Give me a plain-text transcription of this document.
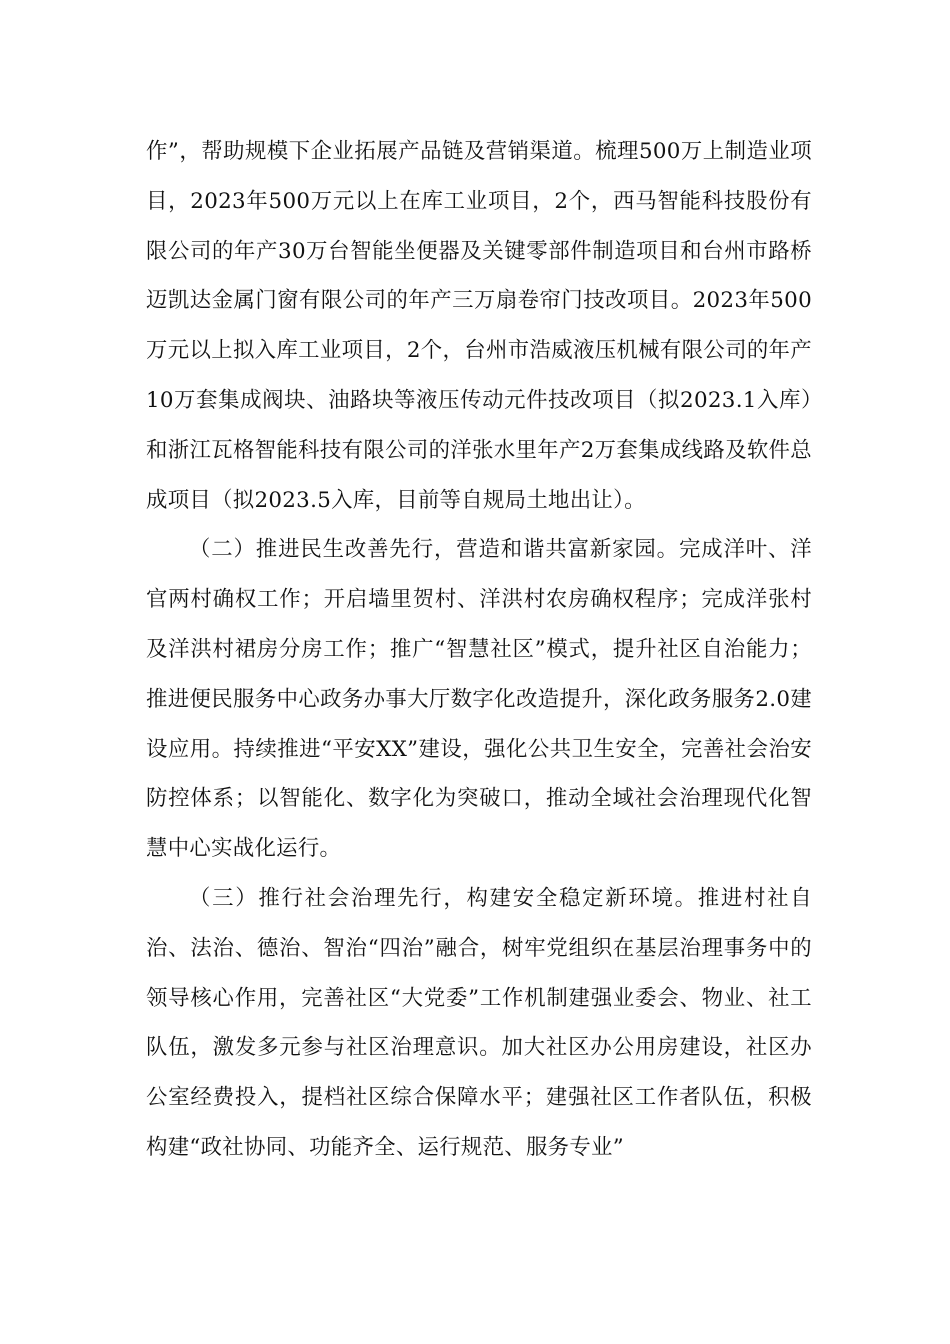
作”，帮助规模下企业拓展产品链及营销渠道。梳理500万上制造业项目，2023年500万元以上在库工业项目，2个，西马智能科技股份有限公司的年产30万台智能坐便器及关键零部件制造项目和台州市路桥迈凯达金属门窗有限公司的年产三万扇卷帘门技改项目。2023年500万元以上拟入库工业项目，2个，台州市浩威液压机械有限公司的年产10万套集成阀块、油路块等液压传动元件技改项目（拟2023.1入库）和浙江瓦格智能科技有限公司的洋张水里年产2万套集成线路及软件总成项目（拟2023.5入库，目前等自规局土地出让）。

（二）推进民生改善先行，营造和谐共富新家园。完成洋叶、洋官两村确权工作；开启墙里贺村、洋洪村农房确权程序；完成洋张村及洋洪村裙房分房工作；推广“智慧社区”模式，提升社区自治能力；推进便民服务中心政务办事大厅数字化改造提升，深化政务服务2.0建设应用。持续推进“平安XX”建设，强化公共卫生安全，完善社会治安防控体系；以智能化、数字化为突破口，推动全域社会治理现代化智慧中心实战化运行。

（三）推行社会治理先行，构建安全稳定新环境。推进村社自治、法治、德治、智治“四治”融合，树牢党组织在基层治理事务中的领导核心作用，完善社区“大党委”工作机制建强业委会、物业、社工队伍，激发多元参与社区治理意识。加大社区办公用房建设，社区办公室经费投入，提档社区综合保障水平；建强社区工作者队伍，积极构建“政社协同、功能齐全、运行规范、服务专业”
